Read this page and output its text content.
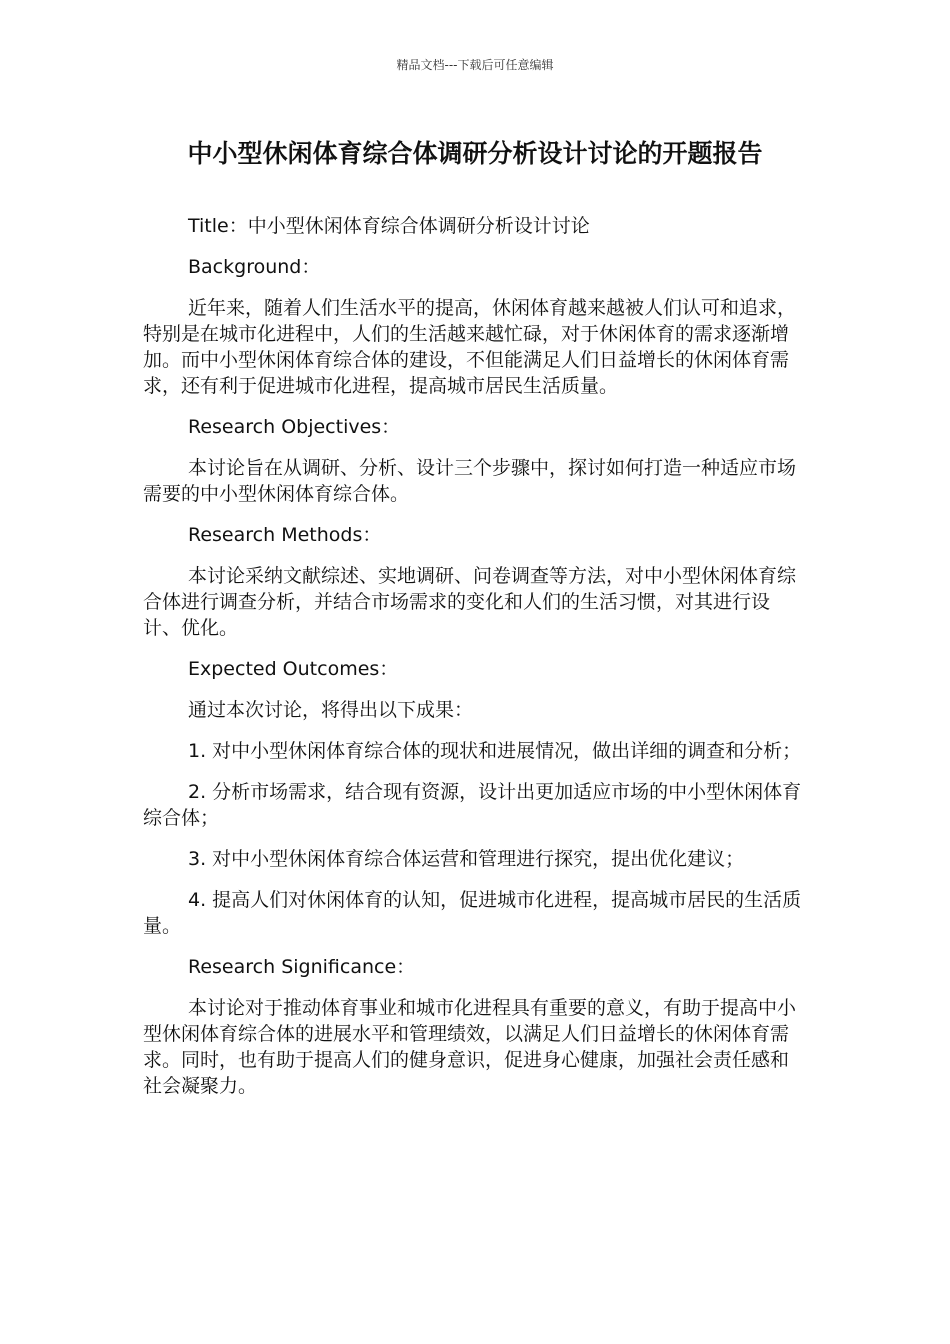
精品文档---下载后可任意编辑
中小型休闲体育综合体调研分析设计讨论的开题报告

Title：中小型休闲体育综合体调研分析设计讨论

Background：

近年来，随着人们生活水平的提高，休闲体育越来越被人们认可和追求，特别是在城市化进程中，人们的生活越来越忙碌，对于休闲体育的需求逐渐增加。而中小型休闲体育综合体的建设，不但能满足人们日益增长的休闲体育需求，还有利于促进城市化进程，提高城市居民生活质量。

Research Objectives：

本讨论旨在从调研、分析、设计三个步骤中，探讨如何打造一种适应市场需要的中小型休闲体育综合体。

Research Methods：

本讨论采纳文献综述、实地调研、问卷调查等方法，对中小型休闲体育综合体进行调查分析，并结合市场需求的变化和人们的生活习惯，对其进行设计、优化。

Expected Outcomes：

通过本次讨论，将得出以下成果：

1. 对中小型休闲体育综合体的现状和进展情况，做出详细的调查和分析；

2. 分析市场需求，结合现有资源，设计出更加适应市场的中小型休闲体育综合体；

3. 对中小型休闲体育综合体运营和管理进行探究，提出优化建议；

4. 提高人们对休闲体育的认知，促进城市化进程，提高城市居民的生活质量。

Research Significance：

本讨论对于推动体育事业和城市化进程具有重要的意义，有助于提高中小型休闲体育综合体的进展水平和管理绩效，以满足人们日益增长的休闲体育需求。同时，也有助于提高人们的健身意识，促进身心健康，加强社会责任感和社会凝聚力。
